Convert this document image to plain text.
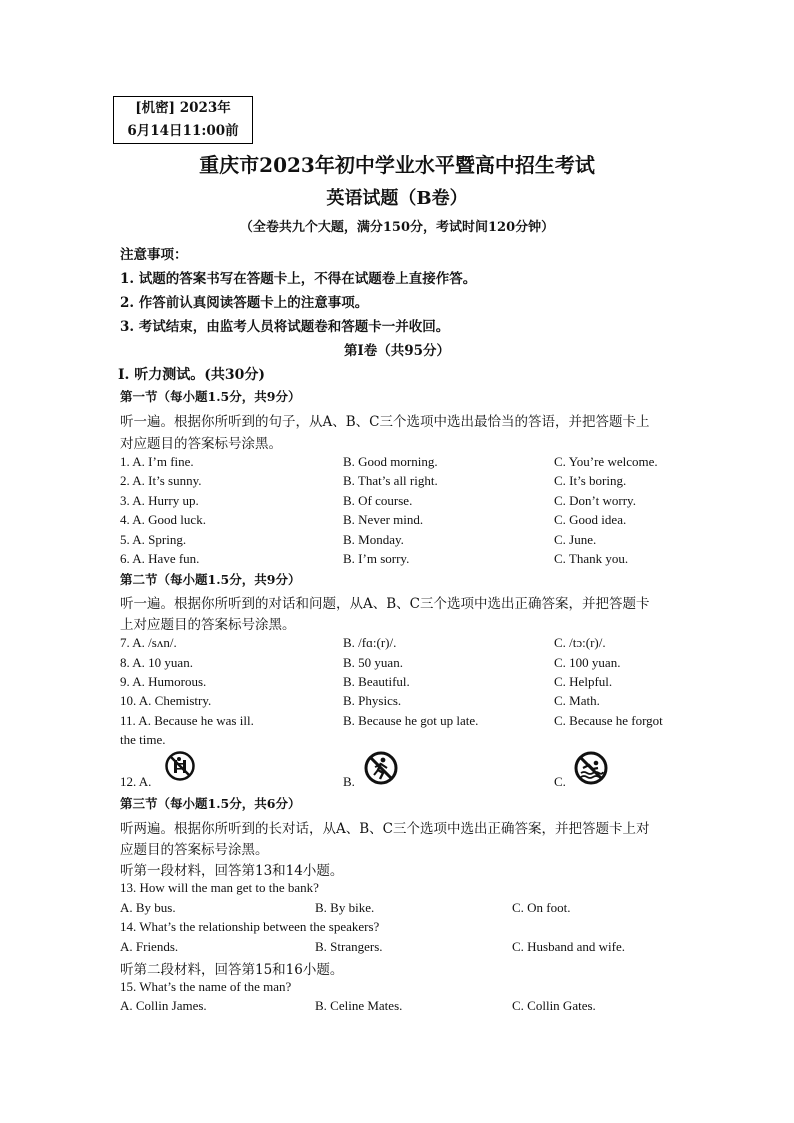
[机密] 2023年
6月14日11:00前
重庆市2023年初中学业水平暨高中招生考试
英语试题（B卷）
（全卷共九个大题，满分150分，考试时间120分钟）
注意事项：
1. 试题的答案书写在答题卡上，不得在试题卷上直接作答。
2. 作答前认真阅读答题卡上的注意事项。
3. 考试结束，由监考人员将试题卷和答题卡一并收回。
第Ⅰ卷（共95分）
Ⅰ. 听力测试。(共30分)
第一节（每小题1.5分，共9分）
听一遍。根据你所听到的句子，从A、B、C三个选项中选出最恰当的答语，并把答题卡上
对应题目的答案标号涂黑。
1. A. I’m fine.	B. Good morning.	C. You’re welcome.
2. A. It’s sunny.	B. That’s all right.	C. It’s boring.
3. A. Hurry up.	B. Of course.	C. Don’t worry.
4. A. Good luck.	B. Never mind.	C. Good idea.
5. A. Spring.	B. Monday.	C. June.
6. A. Have fun.	B. I’m sorry.	C. Thank you.
第二节（每小题1.5分，共9分）
听一遍。根据你所听到的对话和问题，从A、B、C三个选项中选出正确答案，并把答题卡
上对应题目的答案标号涂黑。
7. A. /sʌn/.	B. /fɑ:(r)/.	C. /tɔ:(r)/.
8. A. 10 yuan.	B. 50 yuan.	C. 100 yuan.
9. A. Humorous.	B. Beautiful.	C. Helpful.
10. A. Chemistry.	B. Physics.	C. Math.
11. A. Because he was ill.	B. Because he got up late.	C. Because he forgot
the time.
12. A.	B.	C.
第三节（每小题1.5分，共6分）
听两遍。根据你所听到的长对话，从A、B、C三个选项中选出正确答案，并把答题卡上对
应题目的答案标号涂黑。
听第一段材料，回答第13和14小题。
13. How will the man get to the bank?
A. By bus.	B. By bike.	C. On foot.
14. What’s the relationship between the speakers?
A. Friends.	B. Strangers.	C. Husband and wife.
听第二段材料，回答第15和16小题。
15. What’s the name of the man?
A. Collin James.	B. Celine Mates.	C. Collin Gates.
